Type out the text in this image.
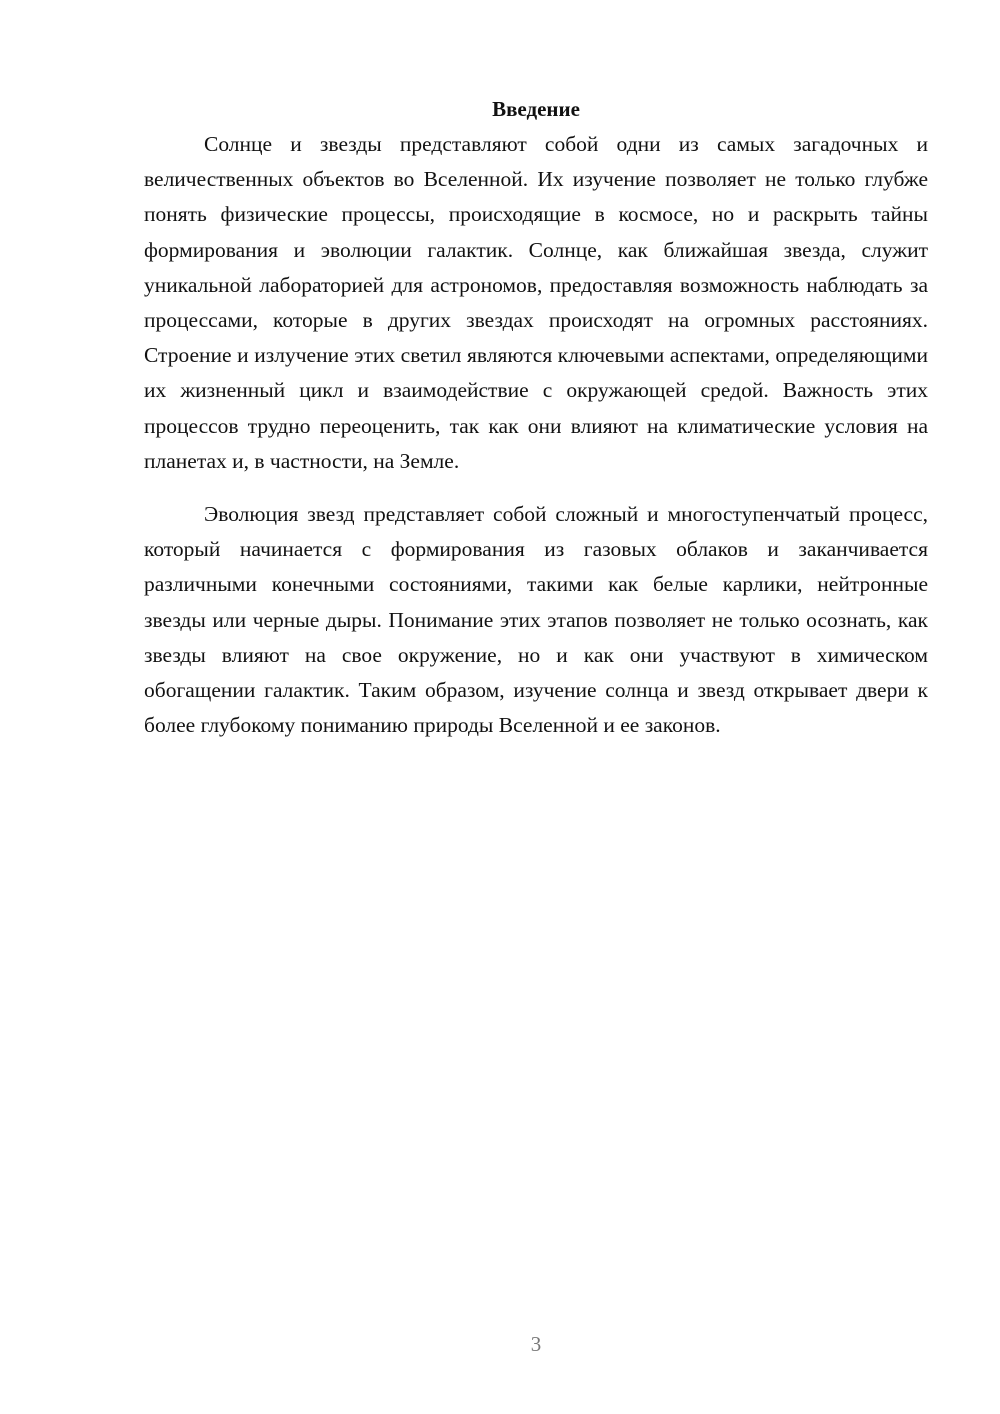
Введение

Солнце и звезды представляют собой одни из самых загадочных и величественных объектов во Вселенной. Их изучение позволяет не только глубже понять физические процессы, происходящие в космосе, но и раскрыть тайны формирования и эволюции галактик. Солнце, как ближайшая звезда, служит уникальной лабораторией для астрономов, предоставляя возможность наблюдать за процессами, которые в других звездах происходят на огромных расстояниях. Строение и излучение этих светил являются ключевыми аспектами, определяющими их жизненный цикл и взаимодействие с окружающей средой. Важность этих процессов трудно переоценить, так как они влияют на климатические условия на планетах и, в частности, на Земле.

Эволюция звезд представляет собой сложный и многоступенчатый процесс, который начинается с формирования из газовых облаков и заканчивается различными конечными состояниями, такими как белые карлики, нейтронные звезды или черные дыры. Понимание этих этапов позволяет не только осознать, как звезды влияют на свое окружение, но и как они участвуют в химическом обогащении галактик. Таким образом, изучение солнца и звезд открывает двери к более глубокому пониманию природы Вселенной и ее законов.

3
